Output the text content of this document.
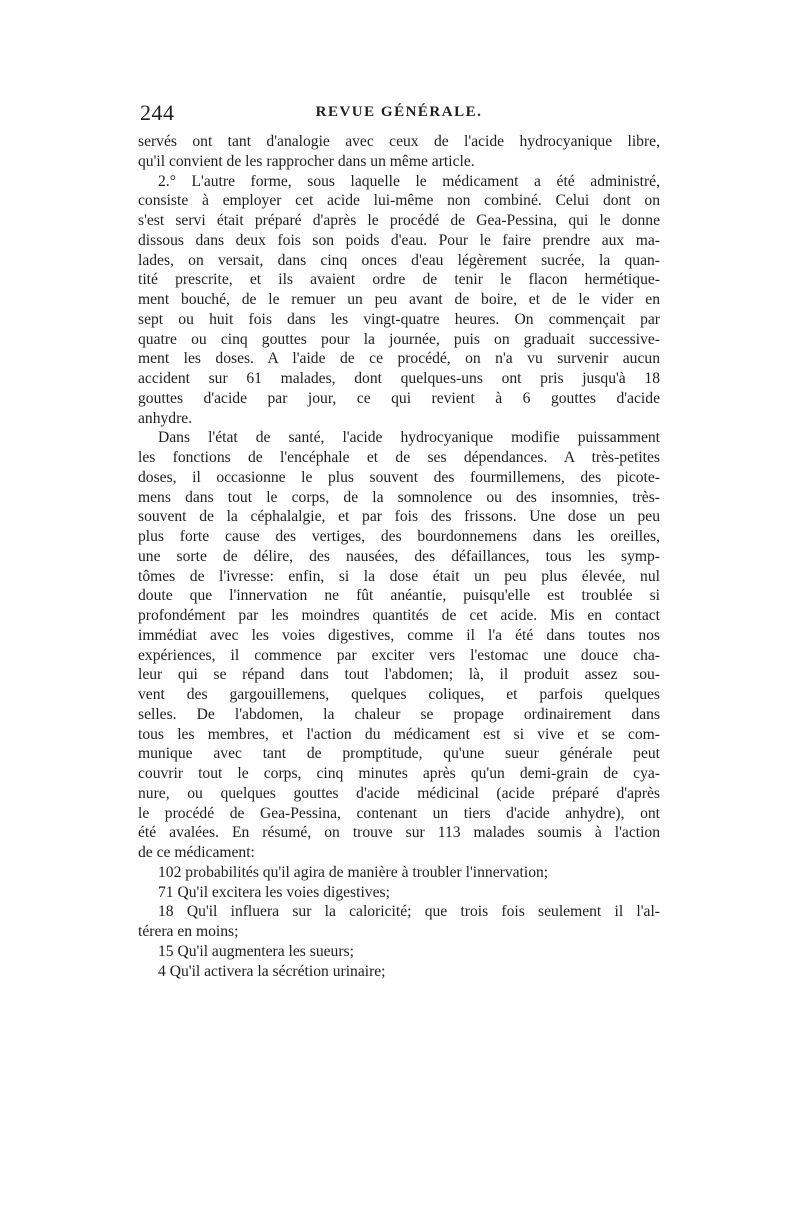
244	REVUE GÉNÉRALE.
servés ont tant d'analogie avec ceux de l'acide hydrocyanique libre,
qu'il convient de les rapprocher dans un même article.
2.° L'autre forme, sous laquelle le médicament a été administré,
consiste à employer cet acide lui-même non combiné. Celui dont on
s'est servi était préparé d'après le procédé de Gea-Pessina, qui le donne
dissous dans deux fois son poids d'eau. Pour le faire prendre aux ma-
lades, on versait, dans cinq onces d'eau légèrement sucrée, la quan-
tité prescrite, et ils avaient ordre de tenir le flacon hermétique-
ment bouché, de le remuer un peu avant de boire, et de le vider en
sept ou huit fois dans les vingt-quatre heures. On commençait par
quatre ou cinq gouttes pour la journée, puis on graduait successive-
ment les doses. A l'aide de ce procédé, on n'a vu survenir aucun
accident sur 61 malades, dont quelques-uns ont pris jusqu'à 18
gouttes d'acide par jour, ce qui revient à 6 gouttes d'acide
anhydre.
Dans l'état de santé, l'acide hydrocyanique modifie puissamment
les fonctions de l'encéphale et de ses dépendances. A très-petites
doses, il occasionne le plus souvent des fourmillemens, des picote-
mens dans tout le corps, de la somnolence ou des insomnies, très-
souvent de la céphalalgie, et par fois des frissons. Une dose un peu
plus forte cause des vertiges, des bourdonnemens dans les oreilles,
une sorte de délire, des nausées, des défaillances, tous les symp-
tômes de l'ivresse: enfin, si la dose était un peu plus élevée, nul
doute que l'innervation ne fût anéantie, puisqu'elle est troublée si
profondément par les moindres quantités de cet acide. Mis en contact
immédiat avec les voies digestives, comme il l'a été dans toutes nos
expériences, il commence par exciter vers l'estomac une douce cha-
leur qui se répand dans tout l'abdomen; là, il produit assez sou-
vent des gargouillemens, quelques coliques, et parfois quelques
selles. De l'abdomen, la chaleur se propage ordinairement dans
tous les membres, et l'action du médicament est si vive et se com-
munique avec tant de promptitude, qu'une sueur générale peut
couvrir tout le corps, cinq minutes après qu'un demi-grain de cya-
nure, ou quelques gouttes d'acide médicinal (acide préparé d'après
le procédé de Gea-Pessina, contenant un tiers d'acide anhydre), ont
été avalées. En résumé, on trouve sur 113 malades soumis à l'action
de ce médicament:
102 probabilités qu'il agira de manière à troubler l'innervation;
71 Qu'il excitera les voies digestives;
18 Qu'il influera sur la caloricité; que trois fois seulement il l'al-
térera en moins;
15 Qu'il augmentera les sueurs;
4 Qu'il activera la sécrétion urinaire;
